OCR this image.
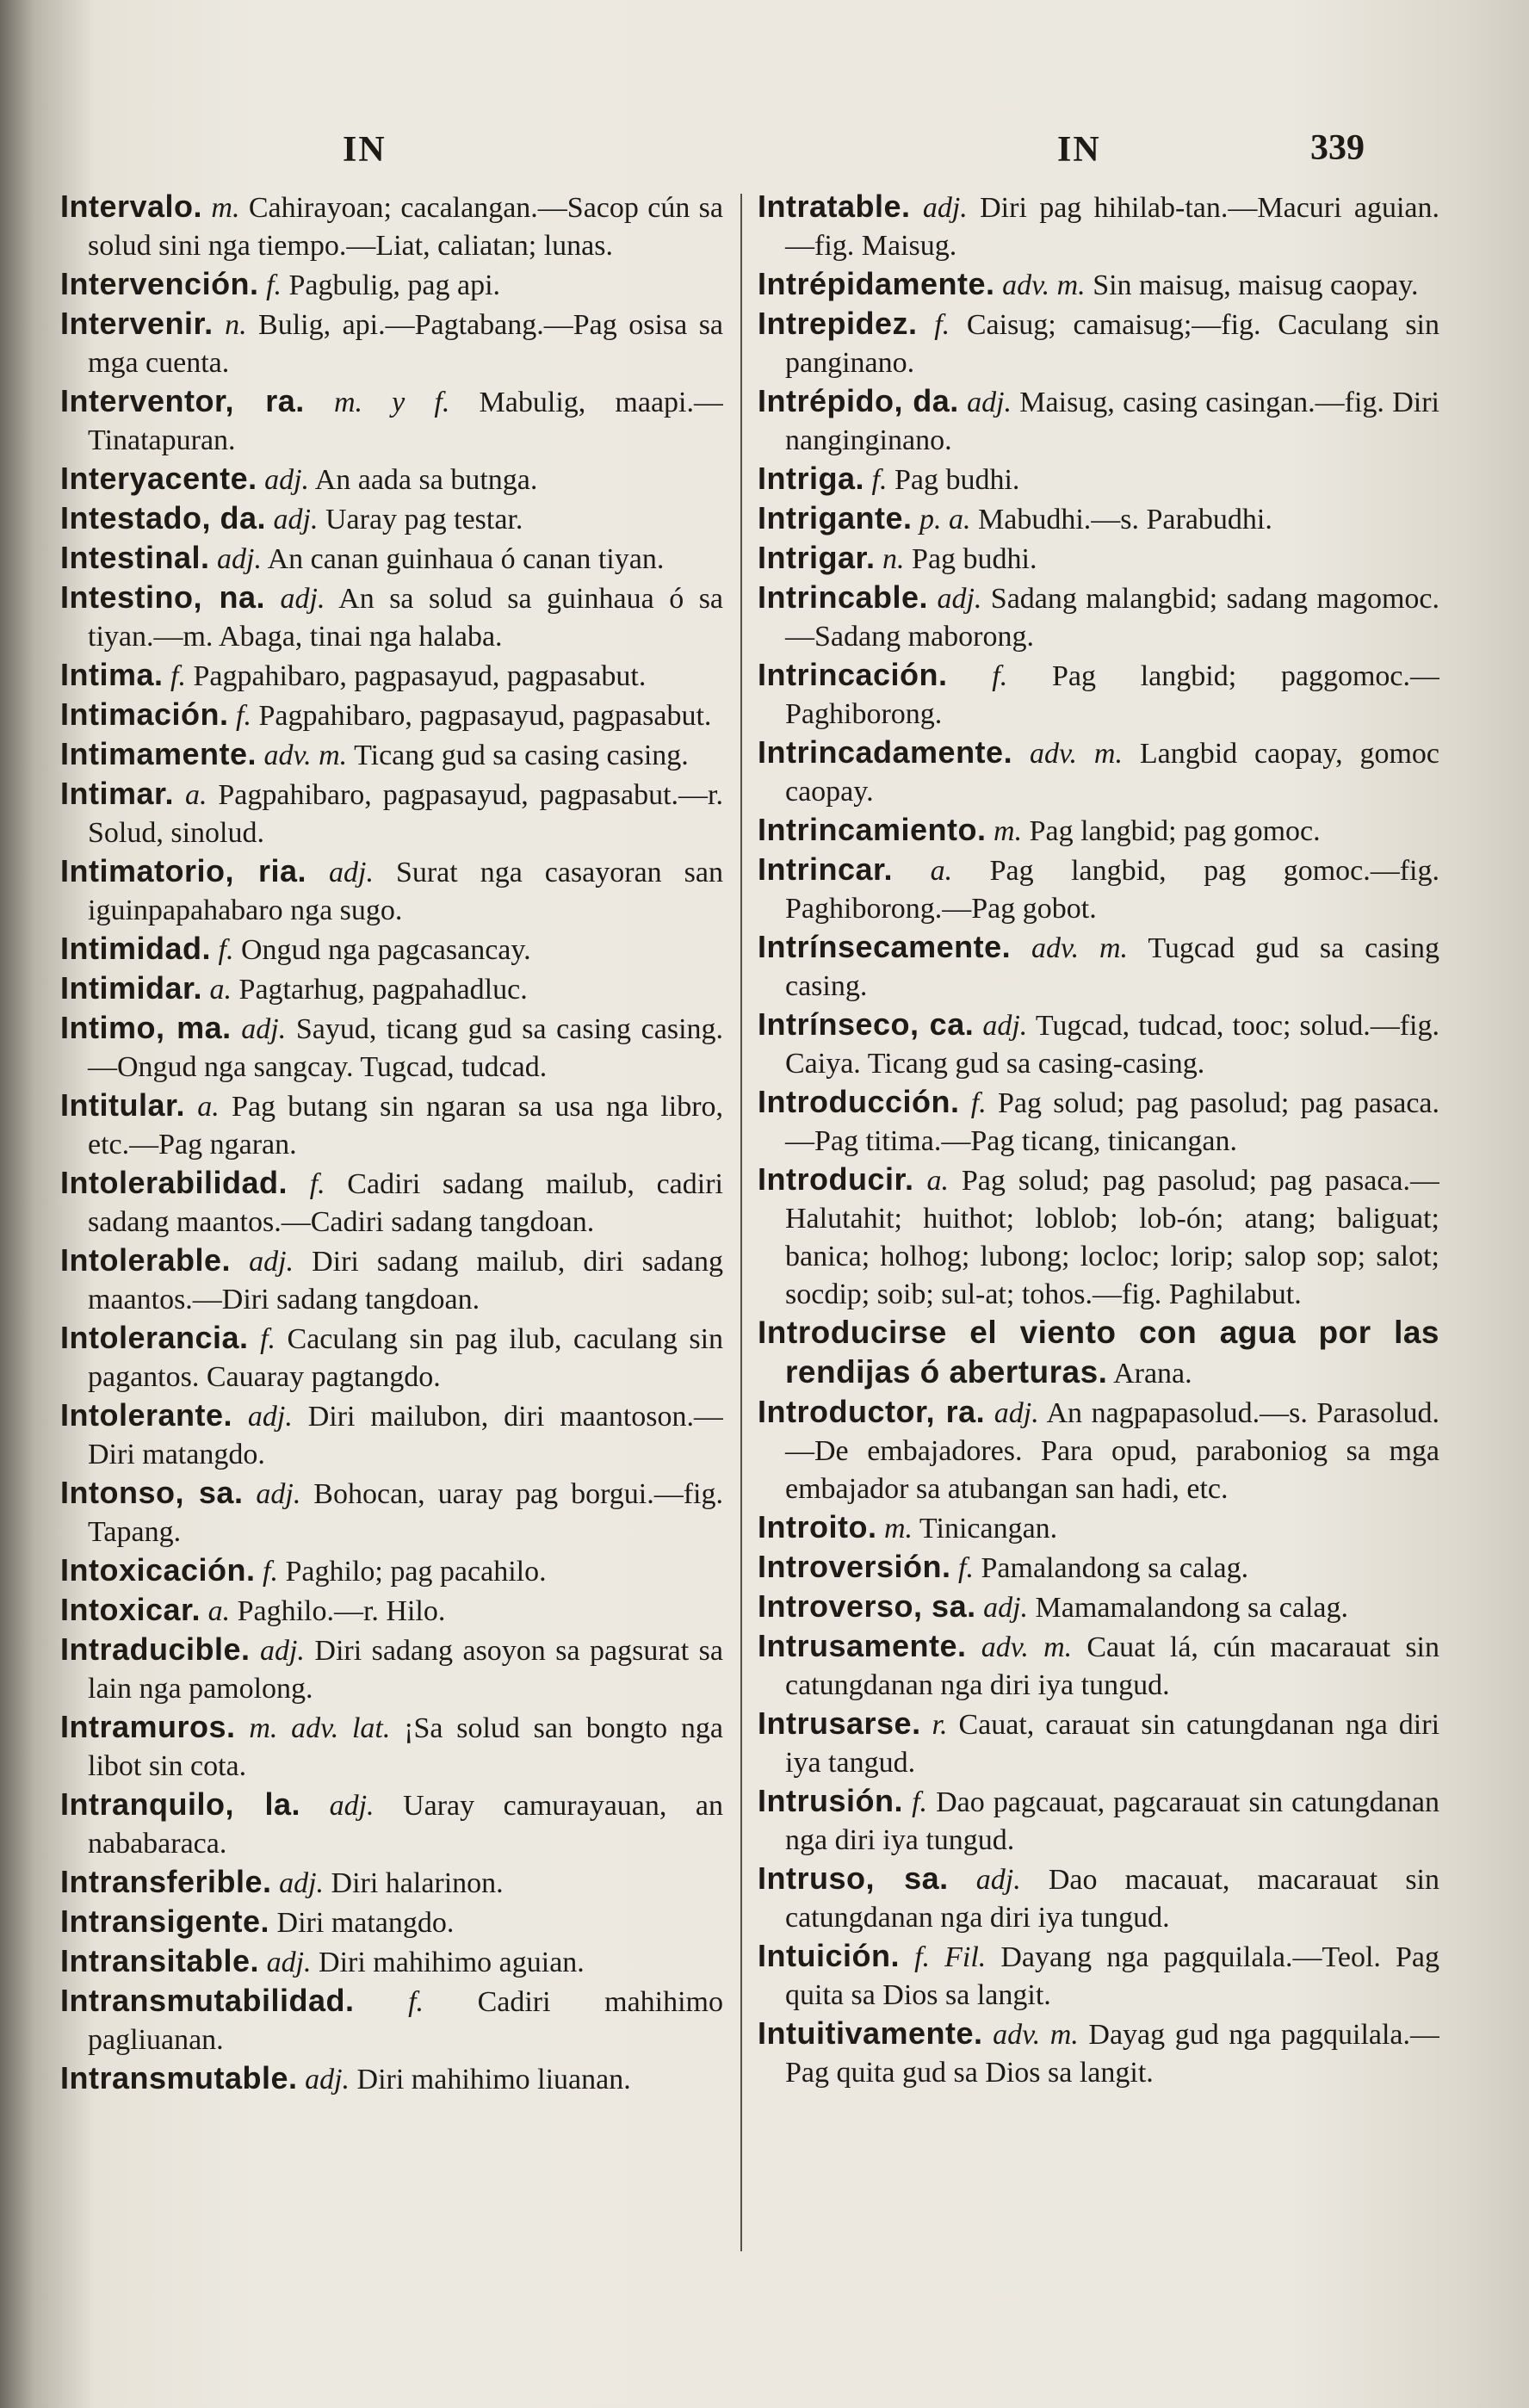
IN	IN	339

Intervalo. m. Cahirayoan; cacalangan.—Sacop cún sa solud sini nga tiempo.—Liat, caliatan; lunas.

Intervención. f. Pagbulig, pag api.

Intervenir. n. Bulig, api.—Pagtabang.—Pag osisa sa mga cuenta.

Interventor, ra. m. y f. Mabulig, maapi.—Tinatapuran.

Interyacente. adj. An aada sa butnga.

Intestado, da. adj. Uaray pag testar.

Intestinal. adj. An canan guinhaua ó canan tiyan.

Intestino, na. adj. An sa solud sa guinhaua ó sa tiyan.—m. Abaga, tinai nga halaba.

Intima. f. Pagpahibaro, pagpasayud, pagpasabut.

Intimación. f. Pagpahibaro, pagpasayud, pagpasabut.

Intimamente. adv. m. Ticang gud sa casing casing.

Intimar. a. Pagpahibaro, pagpasayud, pagpasabut.—r. Solud, sinolud.

Intimatorio, ria. adj. Surat nga casayoran san iguinpapahabaro nga sugo.

Intimidad. f. Ongud nga pagcasancay.

Intimidar. a. Pagtarhug, pagpahadluc.

Intimo, ma. adj. Sayud, ticang gud sa casing casing.—Ongud nga sangcay. Tugcad, tudcad.

Intitular. a. Pag butang sin ngaran sa usa nga libro, etc.—Pag ngaran.

Intolerabilidad. f. Cadiri sadang mailub, cadiri sadang maantos.—Cadiri sadang tangdoan.

Intolerable. adj. Diri sadang mailub, diri sadang maantos.—Diri sadang tangdoan.

Intolerancia. f. Caculang sin pag ilub, caculang sin pagantos. Cauaray pagtangdo.

Intolerante. adj. Diri mailubon, diri maantoson.—Diri matangdo.

Intonso, sa. adj. Bohocan, uaray pag borgui.—fig. Tapang.

Intoxicación. f. Paghilo; pag pacahilo.

Intoxicar. a. Paghilo.—r. Hilo.

Intraducible. adj. Diri sadang asoyon sa pagsurat sa lain nga pamolong.

Intramuros. m. adv. lat. ¡Sa solud san bongto nga libot sin cota.

Intranquilo, la. adj. Uaray camurayauan, an nababaraca.

Intransferible. adj. Diri halarinon.

Intransigente. Diri matangdo.

Intransitable. adj. Diri mahihimo aguian.

Intransmutabilidad. f. Cadiri mahihimo pagliuanan.

Intransmutable. adj. Diri mahihimo liuanan.

Intratable. adj. Diri pag hihilab-tan.—Macuri aguian.—fig. Maisug.

Intrépidamente. adv. m. Sin maisug, maisug caopay.

Intrepidez. f. Caisug; camaisug;—fig. Caculang sin panginano.

Intrépido, da. adj. Maisug, casing casingan.—fig. Diri nanginginano.

Intriga. f. Pag budhi.

Intrigante. p. a. Mabudhi.—s. Parabudhi.

Intrigar. n. Pag budhi.

Intrincable. adj. Sadang malangbid; sadang magomoc.—Sadang maborong.

Intrincación. f. Pag langbid; paggomoc.—Paghiborong.

Intrincadamente. adv. m. Langbid caopay, gomoc caopay.

Intrincamiento. m. Pag langbid; pag gomoc.

Intrincar. a. Pag langbid, pag gomoc.—fig. Paghiborong.—Pag gobot.

Intrínsecamente. adv. m. Tugcad gud sa casing casing.

Intrínseco, ca. adj. Tugcad, tudcad, tooc; solud.—fig. Caiya. Ticang gud sa casing-casing.

Introducción. f. Pag solud; pag pasolud; pag pasaca.—Pag titima.—Pag ticang, tinicangan.

Introducir. a. Pag solud; pag pasolud; pag pasaca.—Halutahit; huithot; loblob; lob-ón; atang; baliguat; banica; holhog; lubong; locloc; lorip; salop sop; salot; socdip; soib; sul-at; tohos.—fig. Paghilabut.

Introducirse el viento con agua por las rendijas ó aberturas. Arana.

Introductor, ra. adj. An nagpapasolud.—s. Parasolud.—De embajadores. Para opud, paraboniog sa mga embajador sa atubangan san hadi, etc.

Introito. m. Tinicangan.

Introversión. f. Pamalandong sa calag.

Introverso, sa. adj. Mamamalandong sa calag.

Intrusamente. adv. m. Cauat lá, cún macarauat sin catungdanan nga diri iya tungud.

Intrusarse. r. Cauat, carauat sin catungdanan nga diri iya tangud.

Intrusión. f. Dao pagcauat, pagcarauat sin catungdanan nga diri iya tungud.

Intruso, sa. adj. Dao macauat, macarauat sin catungdanan nga diri iya tungud.

Intuición. f. Fil. Dayang nga pagquilala.—Teol. Pag quita sa Dios sa langit.

Intuitivamente. adv. m. Dayag gud nga pagquilala.—Pag quita gud sa Dios sa langit.
